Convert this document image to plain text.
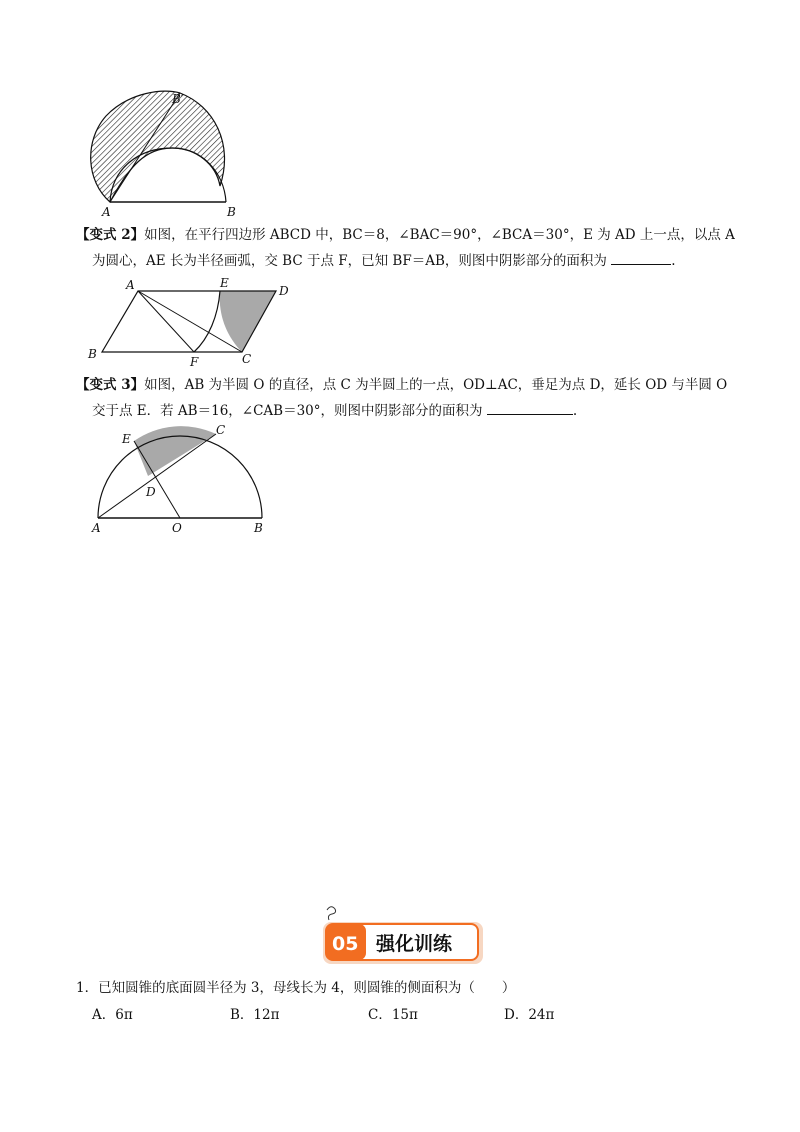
A	B
B′
【变式 2】如图，在平行四边形 ABCD 中，BC＝8，∠BAC＝90°，∠BCA＝30°，E 为 AD 上一点，以点 A
为圆心，AE 长为半径画弧，交 BC 于点 F，已知 BF＝AB，则图中阴影部分的面积为	.
A	E
D
B
F	C
【变式 3】如图，AB 为半圆 O 的直径，点 C 为半圆上的一点，OD⊥AC，垂足为点 D，延长 OD 与半圆 O
交于点 E．若 AB＝16，∠CAB＝30°，则图中阴影部分的面积为	.
E
C
D
A	O	B
05 强化训练
1．已知圆锥的底面圆半径为 3，母线长为 4，则圆锥的侧面积为（　　）
A．6π	B．12π	C．15π	D．24π
